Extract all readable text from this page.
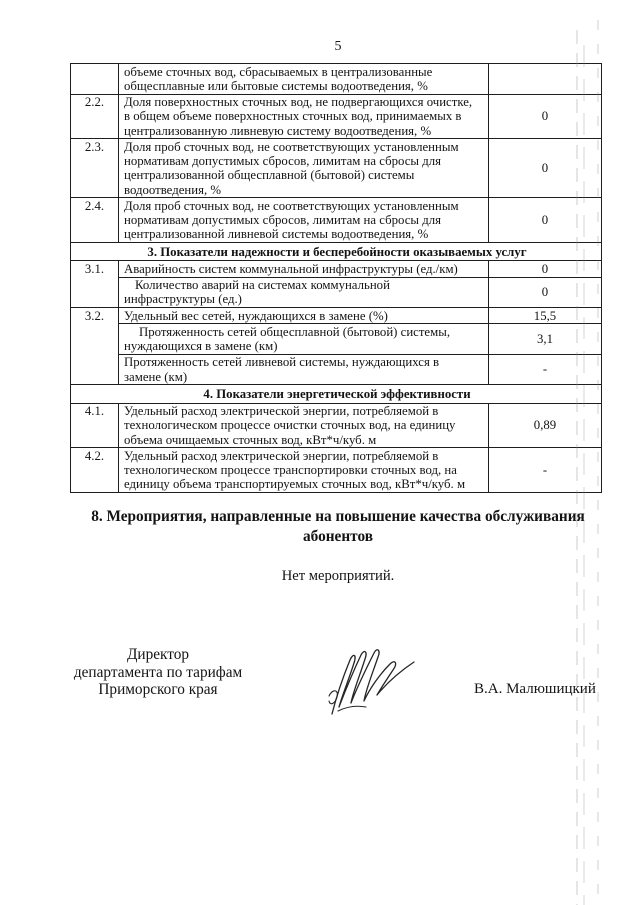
5
	объеме сточных вод, сбрасываемых в централизованные
общесплавные или бытовые системы водоотведения, %	
2.2.	Доля поверхностных сточных вод, не подвергающихся очистке,
в общем объеме поверхностных сточных вод, принимаемых в
централизованную ливневую систему водоотведения, %	0
2.3.	Доля проб сточных вод, не соответствующих установленным
нормативам допустимых сбросов, лимитам на сбросы для
централизованной общесплавной (бытовой) системы
водоотведения, %	0
2.4.	Доля проб сточных вод, не соответствующих установленным
нормативам допустимых сбросов, лимитам на сбросы для
централизованной ливневой системы водоотведения, %	0
3. Показатели надежности и бесперебойности оказываемых услуг		
3.1.	Аварийность систем коммунальной инфраструктуры (ед./км)	0
	Количество аварий на системах коммунальной
инфраструктуры (ед.)	0
3.2.	Удельный вес сетей, нуждающихся в замене (%)	15,5
	Протяженность сетей общесплавной (бытовой) системы,
нуждающихся в замене (км)	3,1
	Протяженность сетей ливневой системы, нуждающихся в
замене (км)	-
4. Показатели энергетической эффективности		
4.1.	Удельный расход электрической энергии, потребляемой в
технологическом процессе очистки сточных вод, на единицу
объема очищаемых сточных вод, кВт*ч/куб. м	0,89
4.2.	Удельный расход электрической энергии, потребляемой в
технологическом процессе транспортировки сточных вод, на
единицу объема транспортируемых сточных вод, кВт*ч/куб. м	-
8. Мероприятия, направленные на повышение качества обслуживания
абонентов
Нет мероприятий.
Директор
департамента по тарифам
Приморского края	В.А. Малюшицкий
